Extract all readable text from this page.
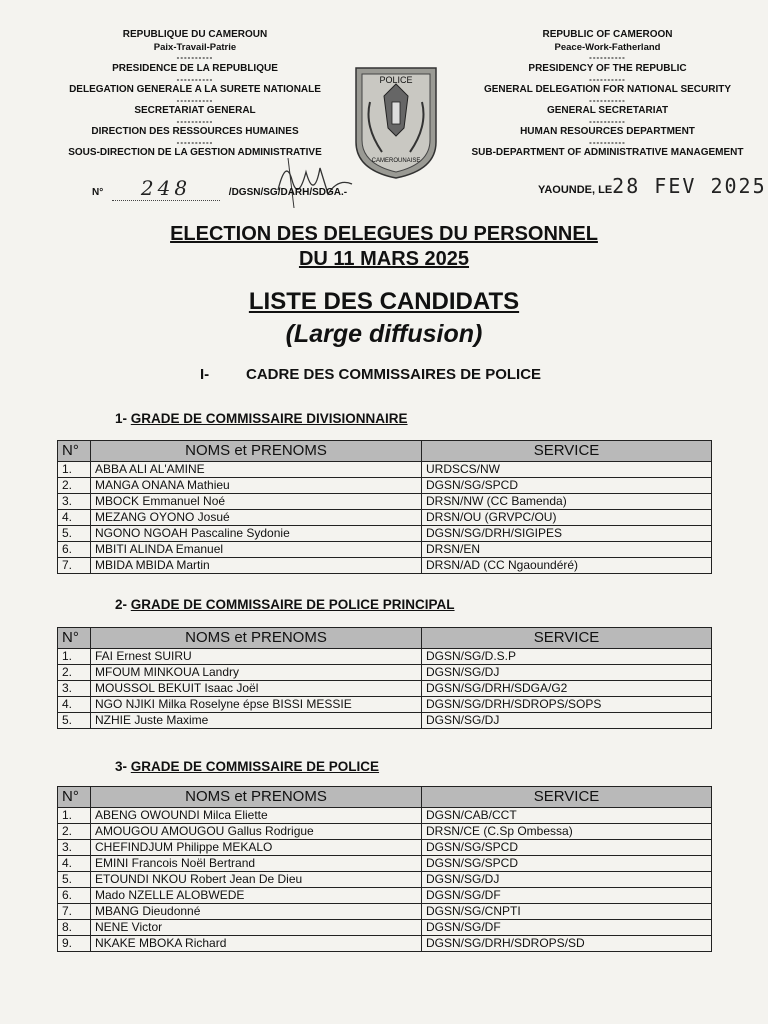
REPUBLIQUE DU CAMEROUN
Paix-Travail-Patrie
----------
PRESIDENCE DE LA REPUBLIQUE
----------
DELEGATION GENERALE A LA SURETE NATIONALE
----------
SECRETARIAT GENERAL
----------
DIRECTION DES RESSOURCES HUMAINES
----------
SOUS-DIRECTION DE LA GESTION ADMINISTRATIVE
REPUBLIC OF CAMEROON
Peace-Work-Fatherland
----------
PRESIDENCY OF THE REPUBLIC
----------
GENERAL DELEGATION FOR NATIONAL SECURITY
----------
GENERAL SECRETARIAT
----------
HUMAN RESOURCES DEPARTMENT
----------
SUB-DEPARTMENT OF ADMINISTRATIVE MANAGEMENT
POLICE
CAMEROUNAISE
N° 248	/DGSN/SG/DARH/SDGA.-	YAOUNDE, LE28 FEV 2025
ELECTION DES DELEGUES DU PERSONNEL
DU 11 MARS 2025
LISTE DES CANDIDATS
(Large diffusion)
I- CADRE DES COMMISSAIRES DE POLICE
1- GRADE DE COMMISSAIRE DIVISIONNAIRE
N°	NOMS et PRENOMS	SERVICE
1.	ABBA ALI AL'AMINE	URDSCS/NW
2.	MANGA ONANA Mathieu	DGSN/SG/SPCD
3.	MBOCK Emmanuel Noé	DRSN/NW (CC Bamenda)
4.	MEZANG OYONO Josué	DRSN/OU (GRVPC/OU)
5.	NGONO NGOAH Pascaline Sydonie	DGSN/SG/DRH/SIGIPES
6.	MBITI ALINDA Emanuel	DRSN/EN
7.	MBIDA MBIDA Martin	DRSN/AD (CC Ngaoundéré)
2- GRADE DE COMMISSAIRE DE POLICE PRINCIPAL
N°	NOMS et PRENOMS	SERVICE
1.	FAI Ernest SUIRU	DGSN/SG/D.S.P
2.	MFOUM MINKOUA Landry	DGSN/SG/DJ
3.	MOUSSOL BEKUIT Isaac Joël	DGSN/SG/DRH/SDGA/G2
4.	NGO NJIKI Milka Roselyne épse BISSI MESSIE	DGSN/SG/DRH/SDROPS/SOPS
5.	NZHIE Juste Maxime	DGSN/SG/DJ
3- GRADE DE COMMISSAIRE DE POLICE
N°	NOMS et PRENOMS	SERVICE
1.	ABENG OWOUNDI Milca Eliette	DGSN/CAB/CCT
2.	AMOUGOU AMOUGOU Gallus Rodrigue	DRSN/CE (C.Sp Ombessa)
3.	CHEFINDJUM Philippe MEKALO	DGSN/SG/SPCD
4.	EMINI Francois Noël Bertrand	DGSN/SG/SPCD
5.	ETOUNDI NKOU Robert Jean De Dieu	DGSN/SG/DJ
6.	Mado NZELLE ALOBWEDE	DGSN/SG/DF
7.	MBANG Dieudonné	DGSN/SG/CNPTI
8.	NENE Victor	DGSN/SG/DF
9.	NKAKE MBOKA Richard	DGSN/SG/DRH/SDROPS/SD
